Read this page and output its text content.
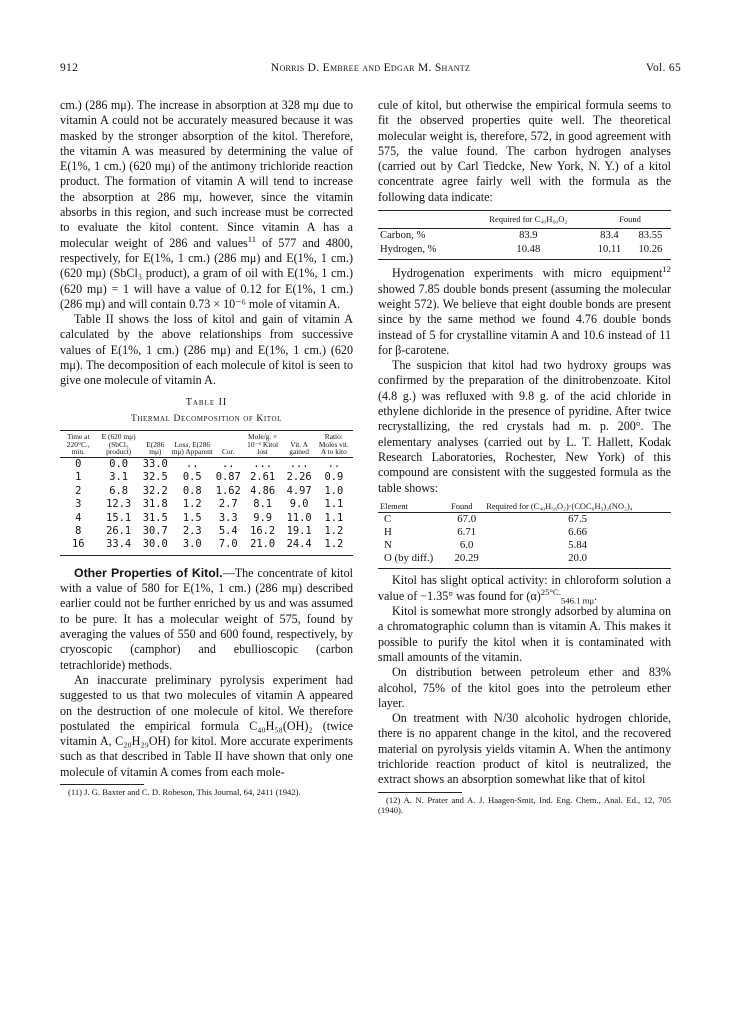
912	Norris D. Embree and Edgar M. Shantz	Vol. 65

cm.) (286 mμ). The increase in absorption at 328 mμ due to vitamin A could not be accurately measured because it was masked by the stronger absorption of the kitol. Therefore, the vitamin A was measured by determining the value of E(1%, 1 cm.) (620 mμ) of the antimony trichloride reaction product. The formation of vitamin A will tend to increase the absorption at 286 mμ, however, since the vitamin absorbs in this region, and such increase must be corrected to evaluate the kitol content. Since vitamin A has a molecular weight of 286 and values$^{11}$ of 577 and 4800, respectively, for E(1%, 1 cm.) (286 mμ) and E(1%, 1 cm.) (620 mμ) (SbCl₃ product), a gram of oil with E(1%, 1 cm.) (620 mμ) = 1 will have a value of 0.12 for E(1%, 1 cm.) (286 mμ) and will contain 0.73 × 10⁻⁶ mole of vitamin A.

Table II shows the loss of kitol and gain of vitamin A calculated by the above relationships from successive values of E(1%, 1 cm.) (286 mμ) and E(1%, 1 cm.) (620 mμ). The decomposition of each molecule of kitol is seen to give one molecule of vitamin A.

Table II
Thermal Decomposition of Kitol
Time at 220°C., min.	E (620 mμ) (SbCl₃ product)	E(286 mμ)	Loss, E(286 mμ) Apparent	Cor.	Mole/g. × 10⁻⁶ Kitol lost	Vit. A gained	Ratio: Moles vit. A to kito
0	0.0	33.0	..	..	...	...	..
1	3.1	32.5	0.5	0.87	2.61	2.26	0.9
2	6.8	32.2	0.8	1.62	4.86	4.97	1.0
3	12.3	31.8	1.2	2.7	8.1	9.0	1.1
4	15.1	31.5	1.5	3.3	9.9	11.0	1.1
8	26.1	30.7	2.3	5.4	16.2	19.1	1.2
16	33.4	30.0	3.0	7.0	21.0	24.4	1.2

Other Properties of Kitol.—The concentrate of kitol with a value of 580 for E(1%, 1 cm.) (286 mμ) described earlier could not be further enriched by us and was assumed to be pure. It has a molecular weight of 575, found by averaging the values of 550 and 600 found, respectively, by cryoscopic (camphor) and ebullioscopic (carbon tetrachloride) methods.

An inaccurate preliminary pyrolysis experiment had suggested to us that two molecules of vitamin A appeared on the destruction of one molecule of kitol. We therefore postulated the empirical formula C₄₀H₅₈(OH)₂ (twice vitamin A, C₂₀H₂₉OH) for kitol. More accurate experiments such as that described in Table II have shown that only one molecule of vitamin A comes from each mole-

(11) J. G. Baxter and C. D. Robeson, This Journal, 64, 2411 (1942).

cule of kitol, but otherwise the empirical formula seems to fit the observed properties quite well. The theoretical molecular weight is, therefore, 572, in good agreement with 575, the value found. The carbon hydrogen analyses (carried out by Carl Tiedcke, New York, N. Y.) of a kitol concentrate agree fairly well with the formula as the following data indicate:

	Required for C₄₀H₆₀O₂	Found	
Carbon, %	83.9	83.4	83.55
Hydrogen, %	10.48	10.11	10.26

Hydrogenation experiments with micro equipment$^{12}$ showed 7.85 double bonds present (assuming the molecular weight 572). We believe that eight double bonds are present since by the same method we found 4.76 double bonds instead of 5 for crystalline vitamin A and 10.6 instead of 11 for β-carotene.

The suspicion that kitol had two hydroxy groups was confirmed by the preparation of the dinitrobenzoate. Kitol (4.8 g.) was refluxed with 9.8 g. of the acid chloride in ethylene dichloride in the presence of pyridine. After twice recrystallizing, the red crystals had m. p. 200°. The elementary analyses (carried out by L. T. Hallett, Kodak Research Laboratories, Rochester, New York) of this compound are consistent with the suggested formula as the table shows:

Element	Found	Required for (C₄₀H₅₈O₂)·(COC₆H₃)₂(NO₂)₄
C	67.0	67.5
H	6.71	6.66
N	6.0	5.84
O (by diff.)	20.29	20.0

Kitol has slight optical activity: in chloroform solution a value of −1.35° was found for $(\alpha)^{25^\circ C.}_{546.1 m\mu}$.

Kitol is somewhat more strongly adsorbed by alumina on a chromatographic column than is vitamin A. This makes it possible to purify the kitol when it is contaminated with small amounts of the vitamin.

On distribution between petroleum ether and 83% alcohol, 75% of the kitol goes into the petroleum ether layer.

On treatment with N/30 alcoholic hydrogen chloride, there is no apparent change in the kitol, and the recovered material on pyrolysis yields vitamin A. When the antimony trichloride reaction product of kitol is neutralized, the extract shows an absorption somewhat like that of kitol

(12) A. N. Prater and A. J. Haagen-Smit, Ind. Eng. Chem., Anal. Ed., 12, 705 (1940).
